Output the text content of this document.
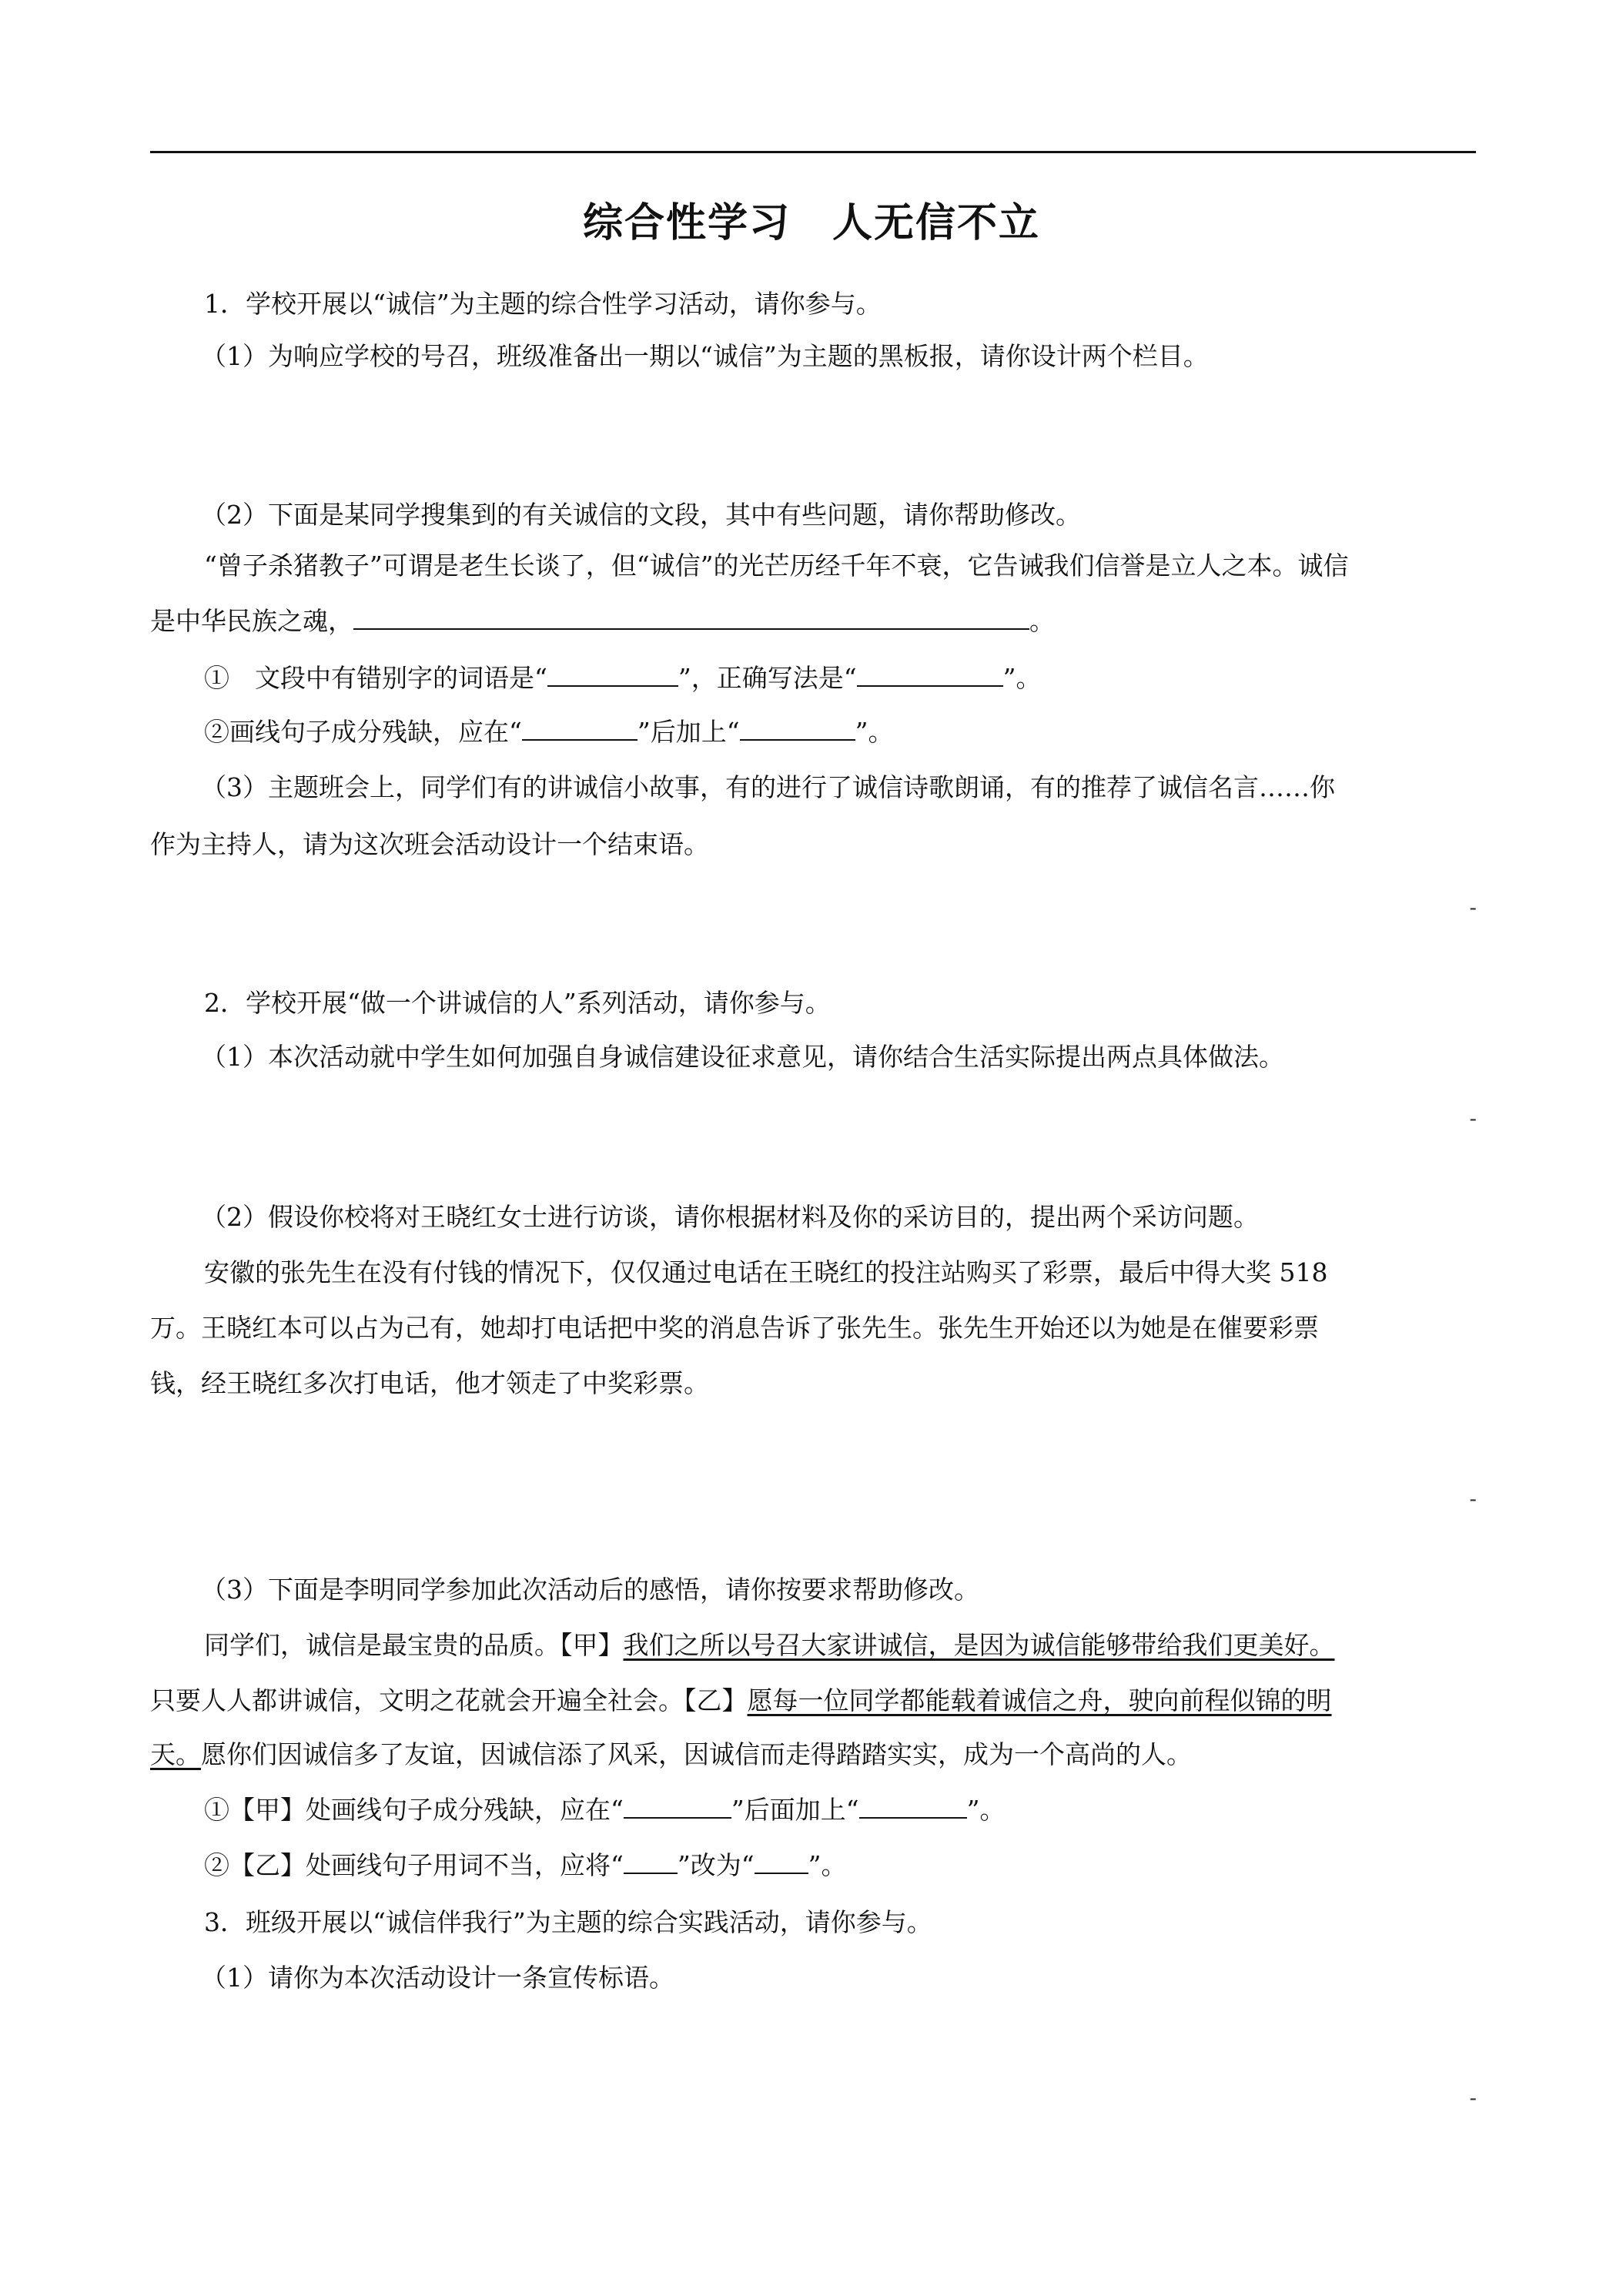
综合性学习　人无信不立
1．学校开展以“诚信”为主题的综合性学习活动，请你参与。
（1）为响应学校的号召，班级准备出一期以“诚信”为主题的黑板报，请你设计两个栏目。
（2）下面是某同学搜集到的有关诚信的文段，其中有些问题，请你帮助修改。
“曾子杀猪教子”可谓是老生长谈了，但“诚信”的光芒历经千年不衰，它告诫我们信誉是立人之本。诚信
是中华民族之魂，	。
①　文段中有错别字的词语是“	”，正确写法是“	”。
②画线句子成分残缺，应在“	”后加上“	”。
（3）主题班会上，同学们有的讲诚信小故事，有的进行了诚信诗歌朗诵，有的推荐了诚信名言……你
作为主持人，请为这次班会活动设计一个结束语。
-
2．学校开展“做一个讲诚信的人”系列活动，请你参与。
（1）本次活动就中学生如何加强自身诚信建设征求意见，请你结合生活实际提出两点具体做法。
-
（2）假设你校将对王晓红女士进行访谈，请你根据材料及你的采访目的，提出两个采访问题。
安徽的张先生在没有付钱的情况下，仅仅通过电话在王晓红的投注站购买了彩票，最后中得大奖 518
万。王晓红本可以占为己有，她却打电话把中奖的消息告诉了张先生。张先生开始还以为她是在催要彩票
钱，经王晓红多次打电话，他才领走了中奖彩票。
-
（3）下面是李明同学参加此次活动后的感悟，请你按要求帮助修改。
同学们，诚信是最宝贵的品质。【甲】我们之所以号召大家讲诚信，是因为诚信能够带给我们更美好。
只要人人都讲诚信，文明之花就会开遍全社会。【乙】愿每一位同学都能载着诚信之舟，驶向前程似锦的明
天。愿你们因诚信多了友谊，因诚信添了风采，因诚信而走得踏踏实实，成为一个高尚的人。
①【甲】处画线句子成分残缺，应在“	”后面加上“	”。
②【乙】处画线句子用词不当，应将“ ”改为“ ”。
3．班级开展以“诚信伴我行”为主题的综合实践活动，请你参与。
（1）请你为本次活动设计一条宣传标语。
-
